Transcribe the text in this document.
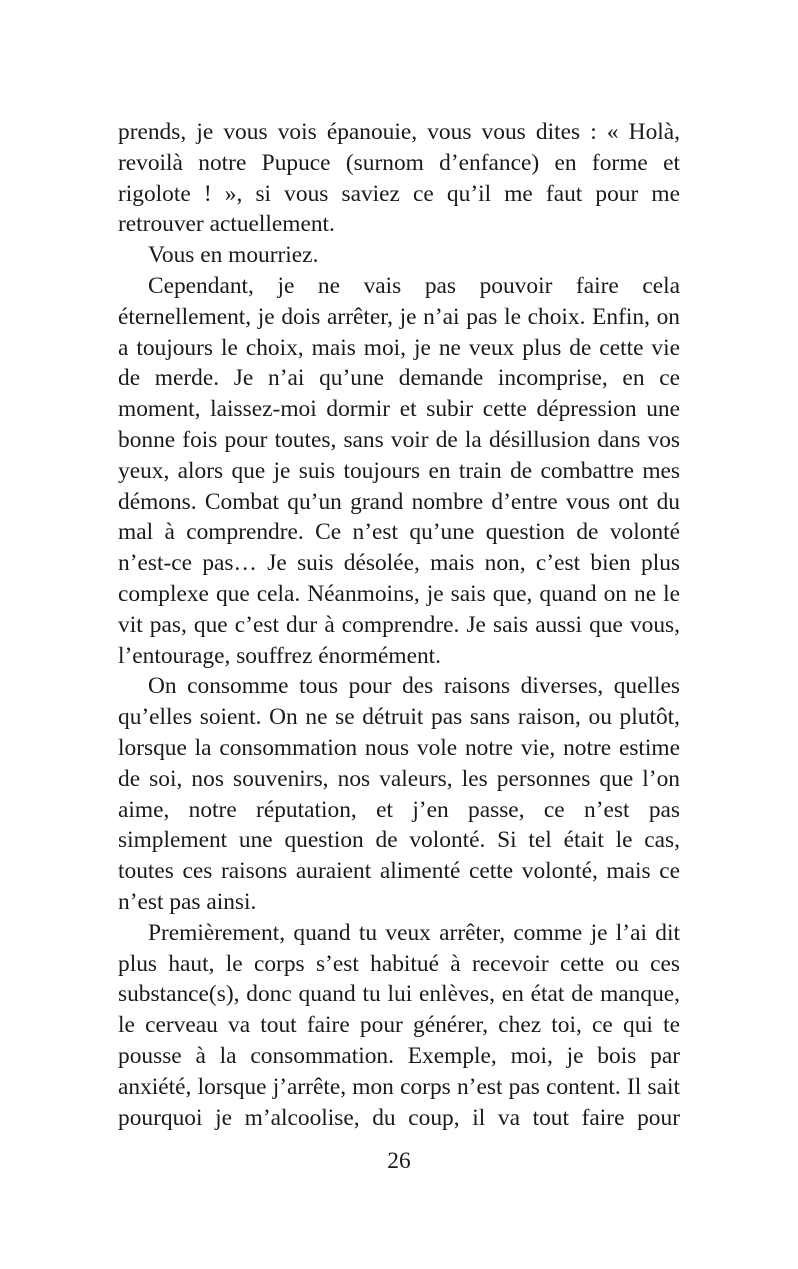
prends, je vous vois épanouie, vous vous dites : « Holà, revoilà notre Pupuce (surnom d’enfance) en forme et rigolote ! », si vous saviez ce qu’il me faut pour me retrouver actuellement.

Vous en mourriez.

Cependant, je ne vais pas pouvoir faire cela éternellement, je dois arrêter, je n’ai pas le choix. Enfin, on a toujours le choix, mais moi, je ne veux plus de cette vie de merde. Je n’ai qu’une demande incomprise, en ce moment, laissez-moi dormir et subir cette dépression une bonne fois pour toutes, sans voir de la désillusion dans vos yeux, alors que je suis toujours en train de combattre mes démons. Combat qu’un grand nombre d’entre vous ont du mal à comprendre. Ce n’est qu’une question de volonté n’est-ce pas… Je suis désolée, mais non, c’est bien plus complexe que cela. Néanmoins, je sais que, quand on ne le vit pas, que c’est dur à comprendre. Je sais aussi que vous, l’entourage, souffrez énormément.

On consomme tous pour des raisons diverses, quelles qu’elles soient. On ne se détruit pas sans raison, ou plutôt, lorsque la consommation nous vole notre vie, notre estime de soi, nos souvenirs, nos valeurs, les personnes que l’on aime, notre réputation, et j’en passe, ce n’est pas simplement une question de volonté. Si tel était le cas, toutes ces raisons auraient alimenté cette volonté, mais ce n’est pas ainsi.

Premièrement, quand tu veux arrêter, comme je l’ai dit plus haut, le corps s’est habitué à recevoir cette ou ces substance(s), donc quand tu lui enlèves, en état de manque, le cerveau va tout faire pour générer, chez toi, ce qui te pousse à la consommation. Exemple, moi, je bois par anxiété, lorsque j’arrête, mon corps n’est pas content. Il sait pourquoi je m’alcoolise, du coup, il va tout faire pour

26
